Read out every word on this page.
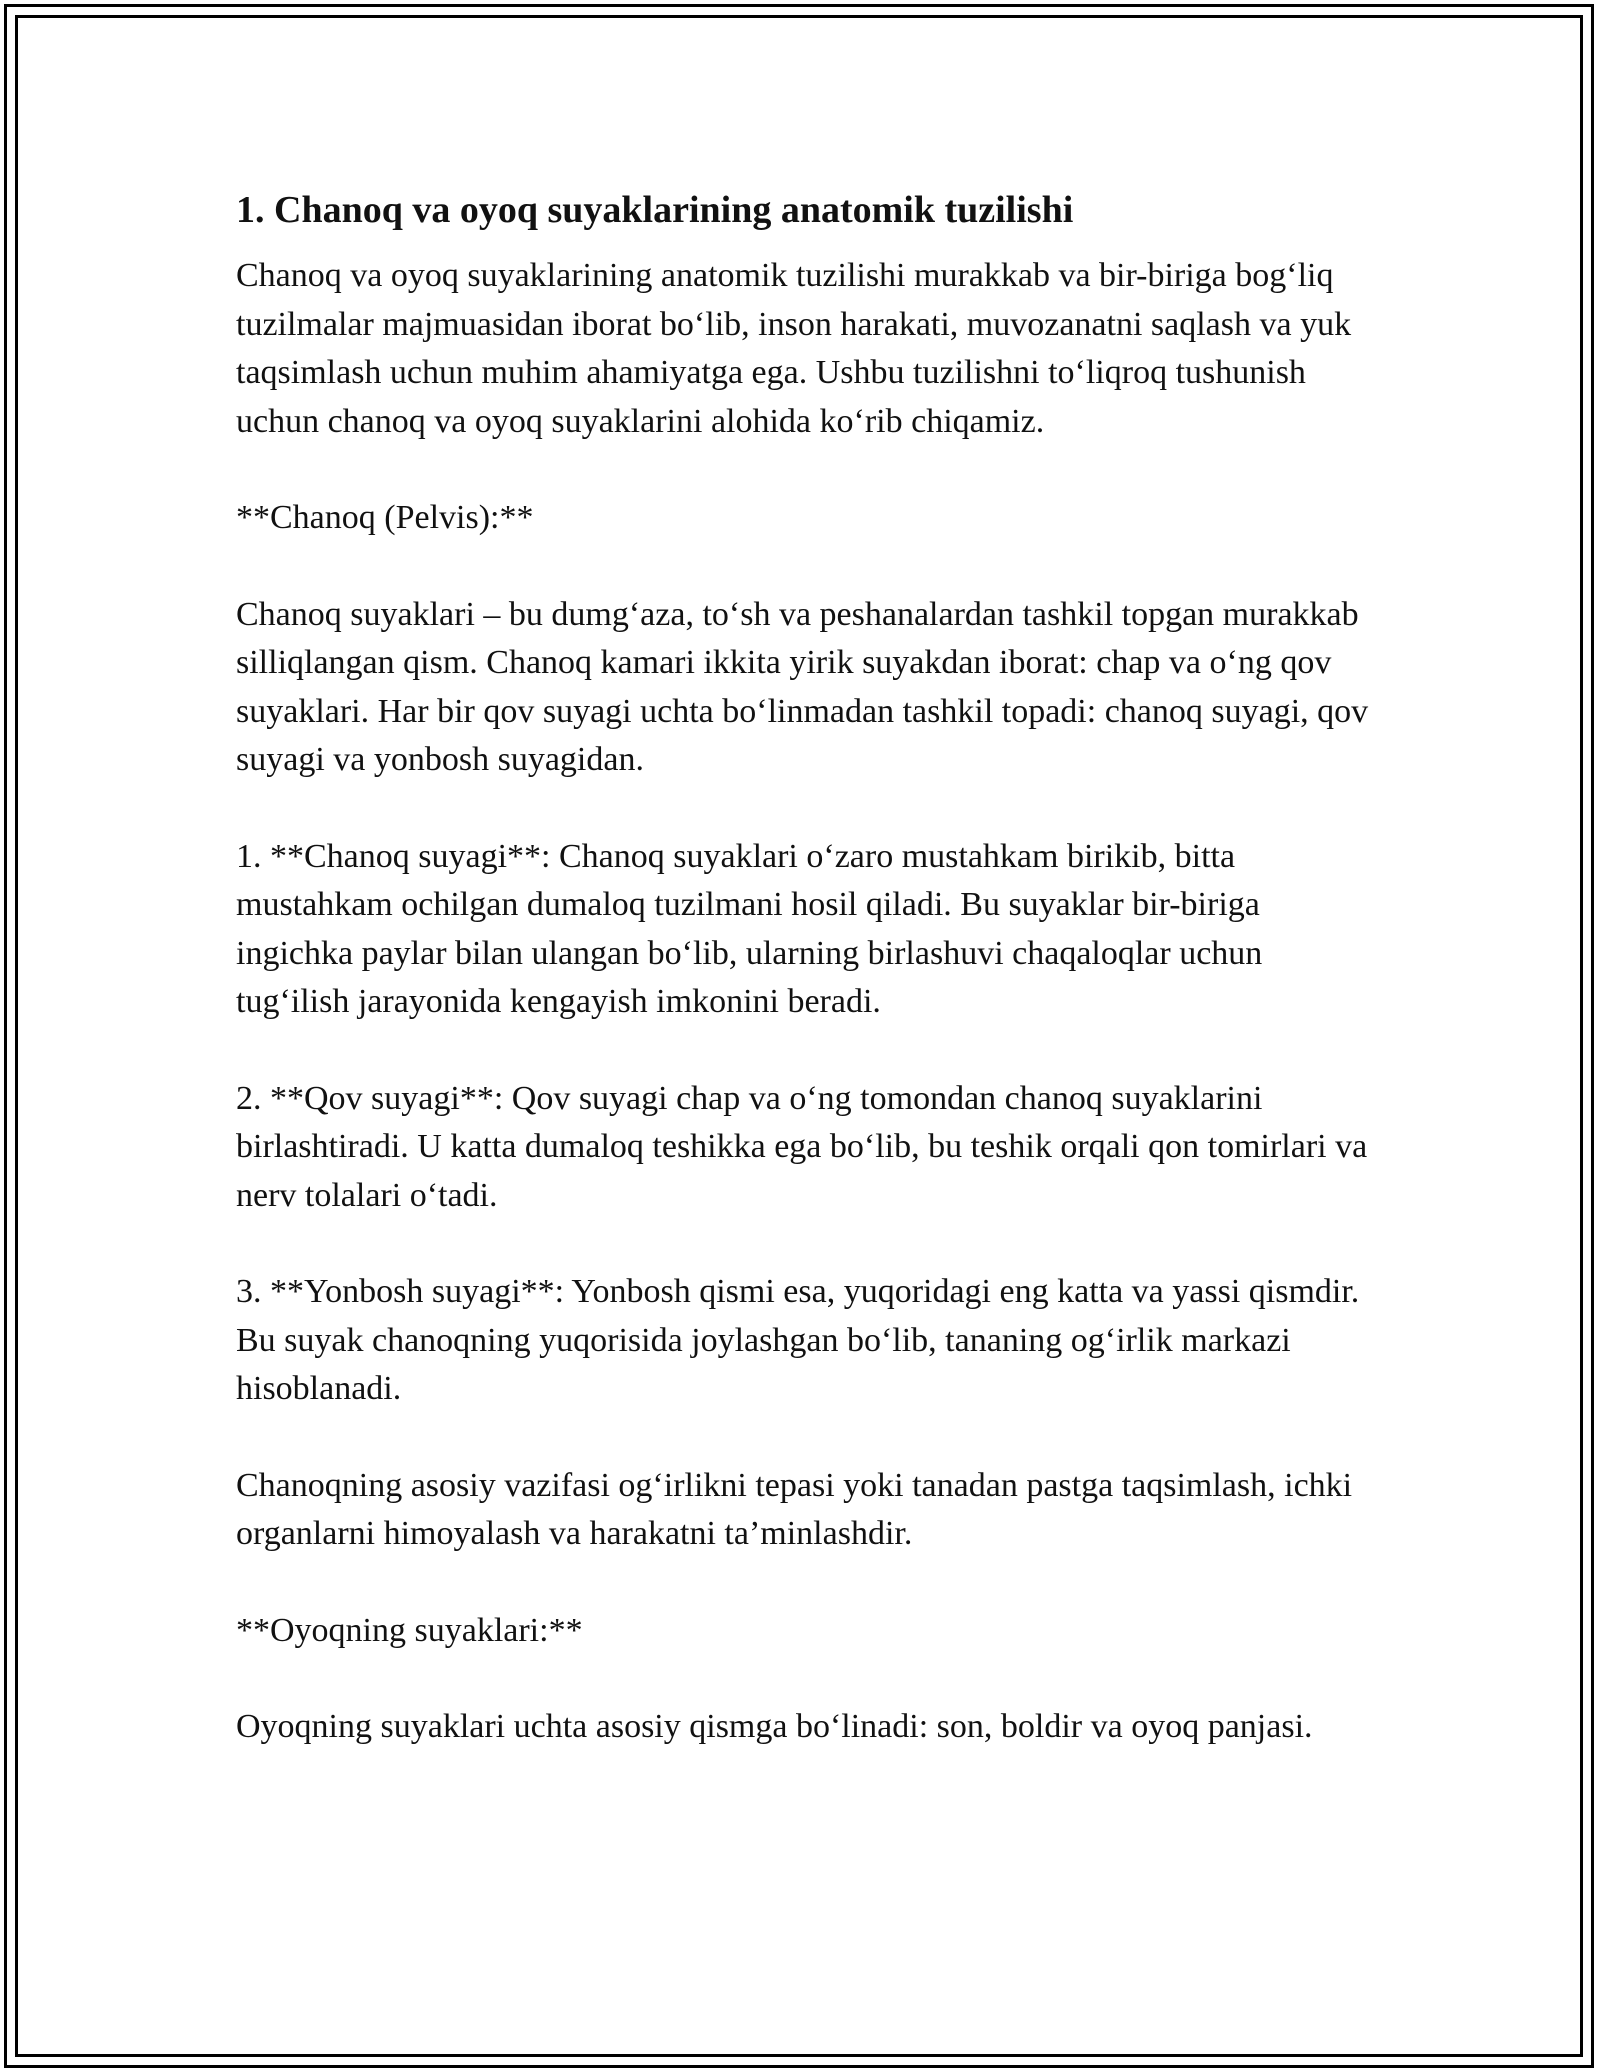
1. Chanoq va oyoq suyaklarining anatomik tuzilishi

Chanoq va oyoq suyaklarining anatomik tuzilishi murakkab va bir-biriga bog‘liq tuzilmalar majmuasidan iborat bo‘lib, inson harakati, muvozanatni saqlash va yuk taqsimlash uchun muhim ahamiyatga ega. Ushbu tuzilishni to‘liqroq tushunish uchun chanoq va oyoq suyaklarini alohida ko‘rib chiqamiz.

**Chanoq (Pelvis):**

Chanoq suyaklari – bu dumg‘aza, to‘sh va peshanalardan tashkil topgan murakkab silliqlangan qism. Chanoq kamari ikkita yirik suyakdan iborat: chap va o‘ng qov suyaklari. Har bir qov suyagi uchta bo‘linmadan tashkil topadi: chanoq suyagi, qov suyagi va yonbosh suyagidan.

1. **Chanoq suyagi**: Chanoq suyaklari o‘zaro mustahkam birikib, bitta mustahkam ochilgan dumaloq tuzilmani hosil qiladi. Bu suyaklar bir-biriga ingichka paylar bilan ulangan bo‘lib, ularning birlashuvi chaqaloqlar uchun tug‘ilish jarayonida kengayish imkonini beradi.

2. **Qov suyagi**: Qov suyagi chap va o‘ng tomondan chanoq suyaklarini birlashtiradi. U katta dumaloq teshikka ega bo‘lib, bu teshik orqali qon tomirlari va nerv tolalari o‘tadi.

3. **Yonbosh suyagi**: Yonbosh qismi esa, yuqoridagi eng katta va yassi qismdir. Bu suyak chanoqning yuqorisida joylashgan bo‘lib, tananing og‘irlik markazi hisoblanadi.

Chanoqning asosiy vazifasi og‘irlikni tepasi yoki tanadan pastga taqsimlash, ichki organlarni himoyalash va harakatni ta’minlashdir.

**Oyoqning suyaklari:**

Oyoqning suyaklari uchta asosiy qismga bo‘linadi: son, boldir va oyoq panjasi.
